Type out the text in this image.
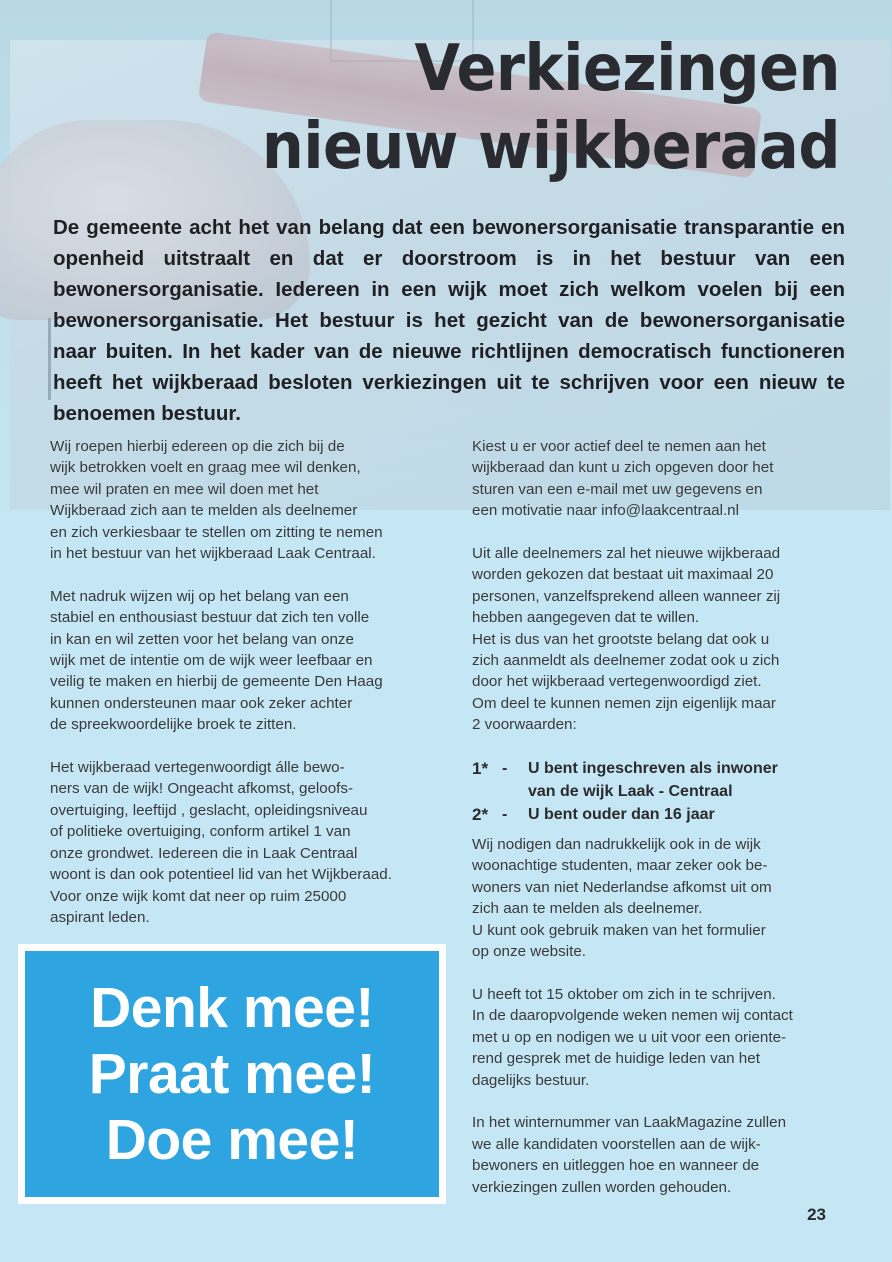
Verkiezingen
nieuw wijkberaad

De gemeente acht het van belang dat een bewonersorganisatie transparantie en openheid uitstraalt en dat er doorstroom is in het bestuur van een bewonersorganisatie. Iedereen in een wijk moet zich welkom voelen bij een bewonersorganisatie. Het bestuur is het gezicht van de bewonersorganisatie naar buiten. In het kader van de nieuwe richtlijnen democratisch functioneren heeft het wijkberaad besloten verkiezingen uit te schrijven voor een nieuw te benoemen bestuur.

Wij roepen hierbij edereen op die zich bij de
wijk betrokken voelt en graag mee wil denken,
mee wil praten en mee wil doen met het
Wijkberaad zich aan te melden als deelnemer
en zich verkiesbaar te stellen om zitting te nemen
in het bestuur van het wijkberaad Laak Centraal.

Met nadruk wijzen wij op het belang van een
stabiel en enthousiast bestuur dat zich ten volle
in kan en wil zetten voor het belang van onze
wijk met de intentie om de wijk weer leefbaar en
veilig te maken en hierbij de gemeente Den Haag
kunnen ondersteunen maar ook zeker achter
de spreekwoordelijke broek te zitten.

Het wijkberaad vertegenwoordigt álle bewo-
ners van de wijk! Ongeacht afkomst, geloofs-
overtuiging, leeftijd , geslacht, opleidingsniveau
of politieke overtuiging, conform artikel 1 van
onze grondwet. Iedereen die in Laak Centraal
woont is dan ook potentieel lid van het Wijkberaad.
Voor onze wijk komt dat neer op ruim 25000
aspirant leden.

Kiest u er voor actief deel te nemen aan het
wijkberaad dan kunt u zich opgeven door het
sturen van een e-mail met uw gegevens en
een motivatie naar info@laakcentraal.nl

Uit alle deelnemers zal het nieuwe wijkberaad
worden gekozen dat bestaat uit maximaal 20
personen, vanzelfsprekend alleen wanneer zij
hebben aangegeven dat te willen.
Het is dus van het grootste belang dat ook u
zich aanmeldt als deelnemer zodat ook u zich
door het wijkberaad vertegenwoordigd ziet.
Om deel te kunnen nemen zijn eigenlijk maar
2 voorwaarden:

1* -	U bent ingeschreven als inwoner
van de wijk Laak - Centraal
2* -	U bent ouder dan 16 jaar

Wij nodigen dan nadrukkelijk ook in de wijk
woonachtige studenten, maar zeker ook be-
woners van niet Nederlandse afkomst uit om
zich aan te melden als deelnemer.
U kunt ook gebruik maken van het formulier
op onze website.

U heeft tot 15 oktober om zich in te schrijven.
In de daaropvolgende weken nemen wij contact
met u op en nodigen we u uit voor een oriente-
rend gesprek met de huidige leden van het
dagelijks bestuur.

In het winternummer van LaakMagazine zullen
we alle kandidaten voorstellen aan de wijk-
bewoners en uitleggen hoe en wanneer de
verkiezingen zullen worden gehouden.

Denk mee!
Praat mee!
Doe mee!
23
